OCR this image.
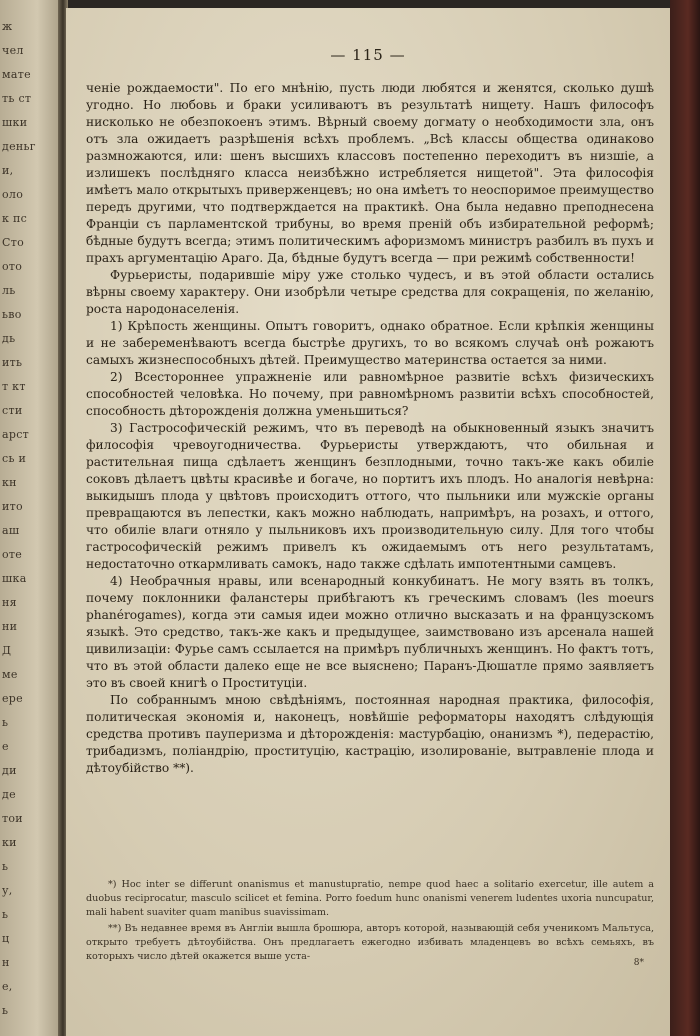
ж
чел
мате
ть ст
шки
деньг
и,
оло
к пс
Сто
ото
ль
ьво
дь
ить
т кт
сти
арст
сь и
кн
ито
аш
оте
шка
ня
ни
Д
ме
ере
ь
е
ди
де
тои
ки
ь
у,
ь
ц
н
е,
ь
— 115 —

ченіе рождаемости". По его мнѣнію, пусть люди любятся и женятся, сколько душѣ угодно. Но любовь и браки усиливаютъ въ результатѣ нищету. Нашъ философъ нисколько не обезпокоенъ этимъ. Вѣрный своему догмату о необходимости зла, онъ отъ зла ожидаетъ разрѣшенія всѣхъ проблемъ. „Всѣ классы общества одинаково размножаются, или: шенъ высшихъ классовъ постепенно переходитъ въ низшіе, а излишекъ послѣдняго класса неизбѣжно истребляется нищетой". Эта философія имѣетъ мало открытыхъ приверженцевъ; но она имѣетъ то неоспоримое преимущество передъ другими, что подтверждается на практикѣ. Она была недавно преподнесена Франціи съ парламентской трибуны, во время преній объ избирательной реформѣ; бѣдные будутъ всегда; этимъ политическимъ афоризмомъ министръ разбилъ въ пухъ и прахъ аргументацію Араго. Да, бѣдные будутъ всегда — при режимѣ собственности!

Фурьеристы, подарившіе міру уже столько чудесъ, и въ этой области остались вѣрны своему характеру. Они изобрѣли четыре средства для сокращенія, по желанію, роста народонаселенія.

1) Крѣпость женщины. Опытъ говоритъ, однако обратное. Если крѣпкія женщины и не забеременѣваютъ всегда быстрѣе другихъ, то во всякомъ случаѣ онѣ рожаютъ самыхъ жизнеспособныхъ дѣтей. Преимущество материнства остается за ними.

2) Всестороннее упражненіе или равномѣрное развитіе всѣхъ физическихъ способностей человѣка. Но почему, при равномѣрномъ развитіи всѣхъ способностей, способность дѣторожденія должна уменьшиться?

3) Гастрософическій режимъ, что въ переводѣ на обыкновенный языкъ значитъ философія чревоугодничества. Фурьеристы утверждаютъ, что обильная и растительная пища сдѣлаетъ женщинъ безплодными, точно такъ-же какъ обиліе соковъ дѣлаетъ цвѣты красивѣе и богаче, но портитъ ихъ плодъ. Но аналогія невѣрна: выкидышъ плода у цвѣтовъ происходитъ оттого, что пыльники или мужскіе органы превращаются въ лепестки, какъ можно наблюдать, напримѣръ, на розахъ, и оттого, что обиліе влаги отняло у пыльниковъ ихъ производительную силу. Для того чтобы гастрософическій режимъ привелъ къ ожидаемымъ отъ него результатамъ, недостаточно откармливать самокъ, надо также сдѣлать импотентными самцевъ.

4) Необрачныя нравы, или всенародный конкубинатъ. Не могу взять въ толкъ, почему поклонники фаланстеры прибѣгаютъ къ греческимъ словамъ (les moeurs phanérogames), когда эти самыя идеи можно отлично высказать и на французскомъ языкѣ. Это средство, такъ-же какъ и предыдущее, заимствовано изъ арсенала нашей цивилизаціи: Фурье самъ ссылается на примѣръ публичныхъ женщинъ. Но фактъ тотъ, что въ этой области далеко еще не все выяснено; Паранъ-Дюшатле прямо заявляетъ это въ своей книгѣ о Проституціи.

По собраннымъ мною свѣдѣніямъ, постоянная народная практика, философія, политическая экономія и, наконецъ, новѣйшіе реформаторы находятъ слѣдующія средства противъ пауперизма и дѣторожденія: мастурбацію, онанизмъ *), педерастію, трибадизмъ, поліандрію, проституцію, кастрацію, изолированіе, вытравленіе плода и дѣтоубійство **).

*) Hoc inter se differunt onanismus et manustupratio, nempe quod haec a solitario exercetur, ille autem a duobus reciprocatur, masculo scilicet et femina. Porro foedum hunc onanismi venerem ludentes uxoria nuncupatur, mali habent suaviter quam manibus suavissimam.

**) Въ недавнее время въ Англіи вышла брошюра, авторъ которой, называющій себя ученикомъ Мальтуса, открыто требуетъ дѣтоубійства. Онъ предлагаетъ ежегодно избивать младенцевъ во всѣхъ семьяхъ, въ которыхъ число дѣтей окажется выше уста-

8*
